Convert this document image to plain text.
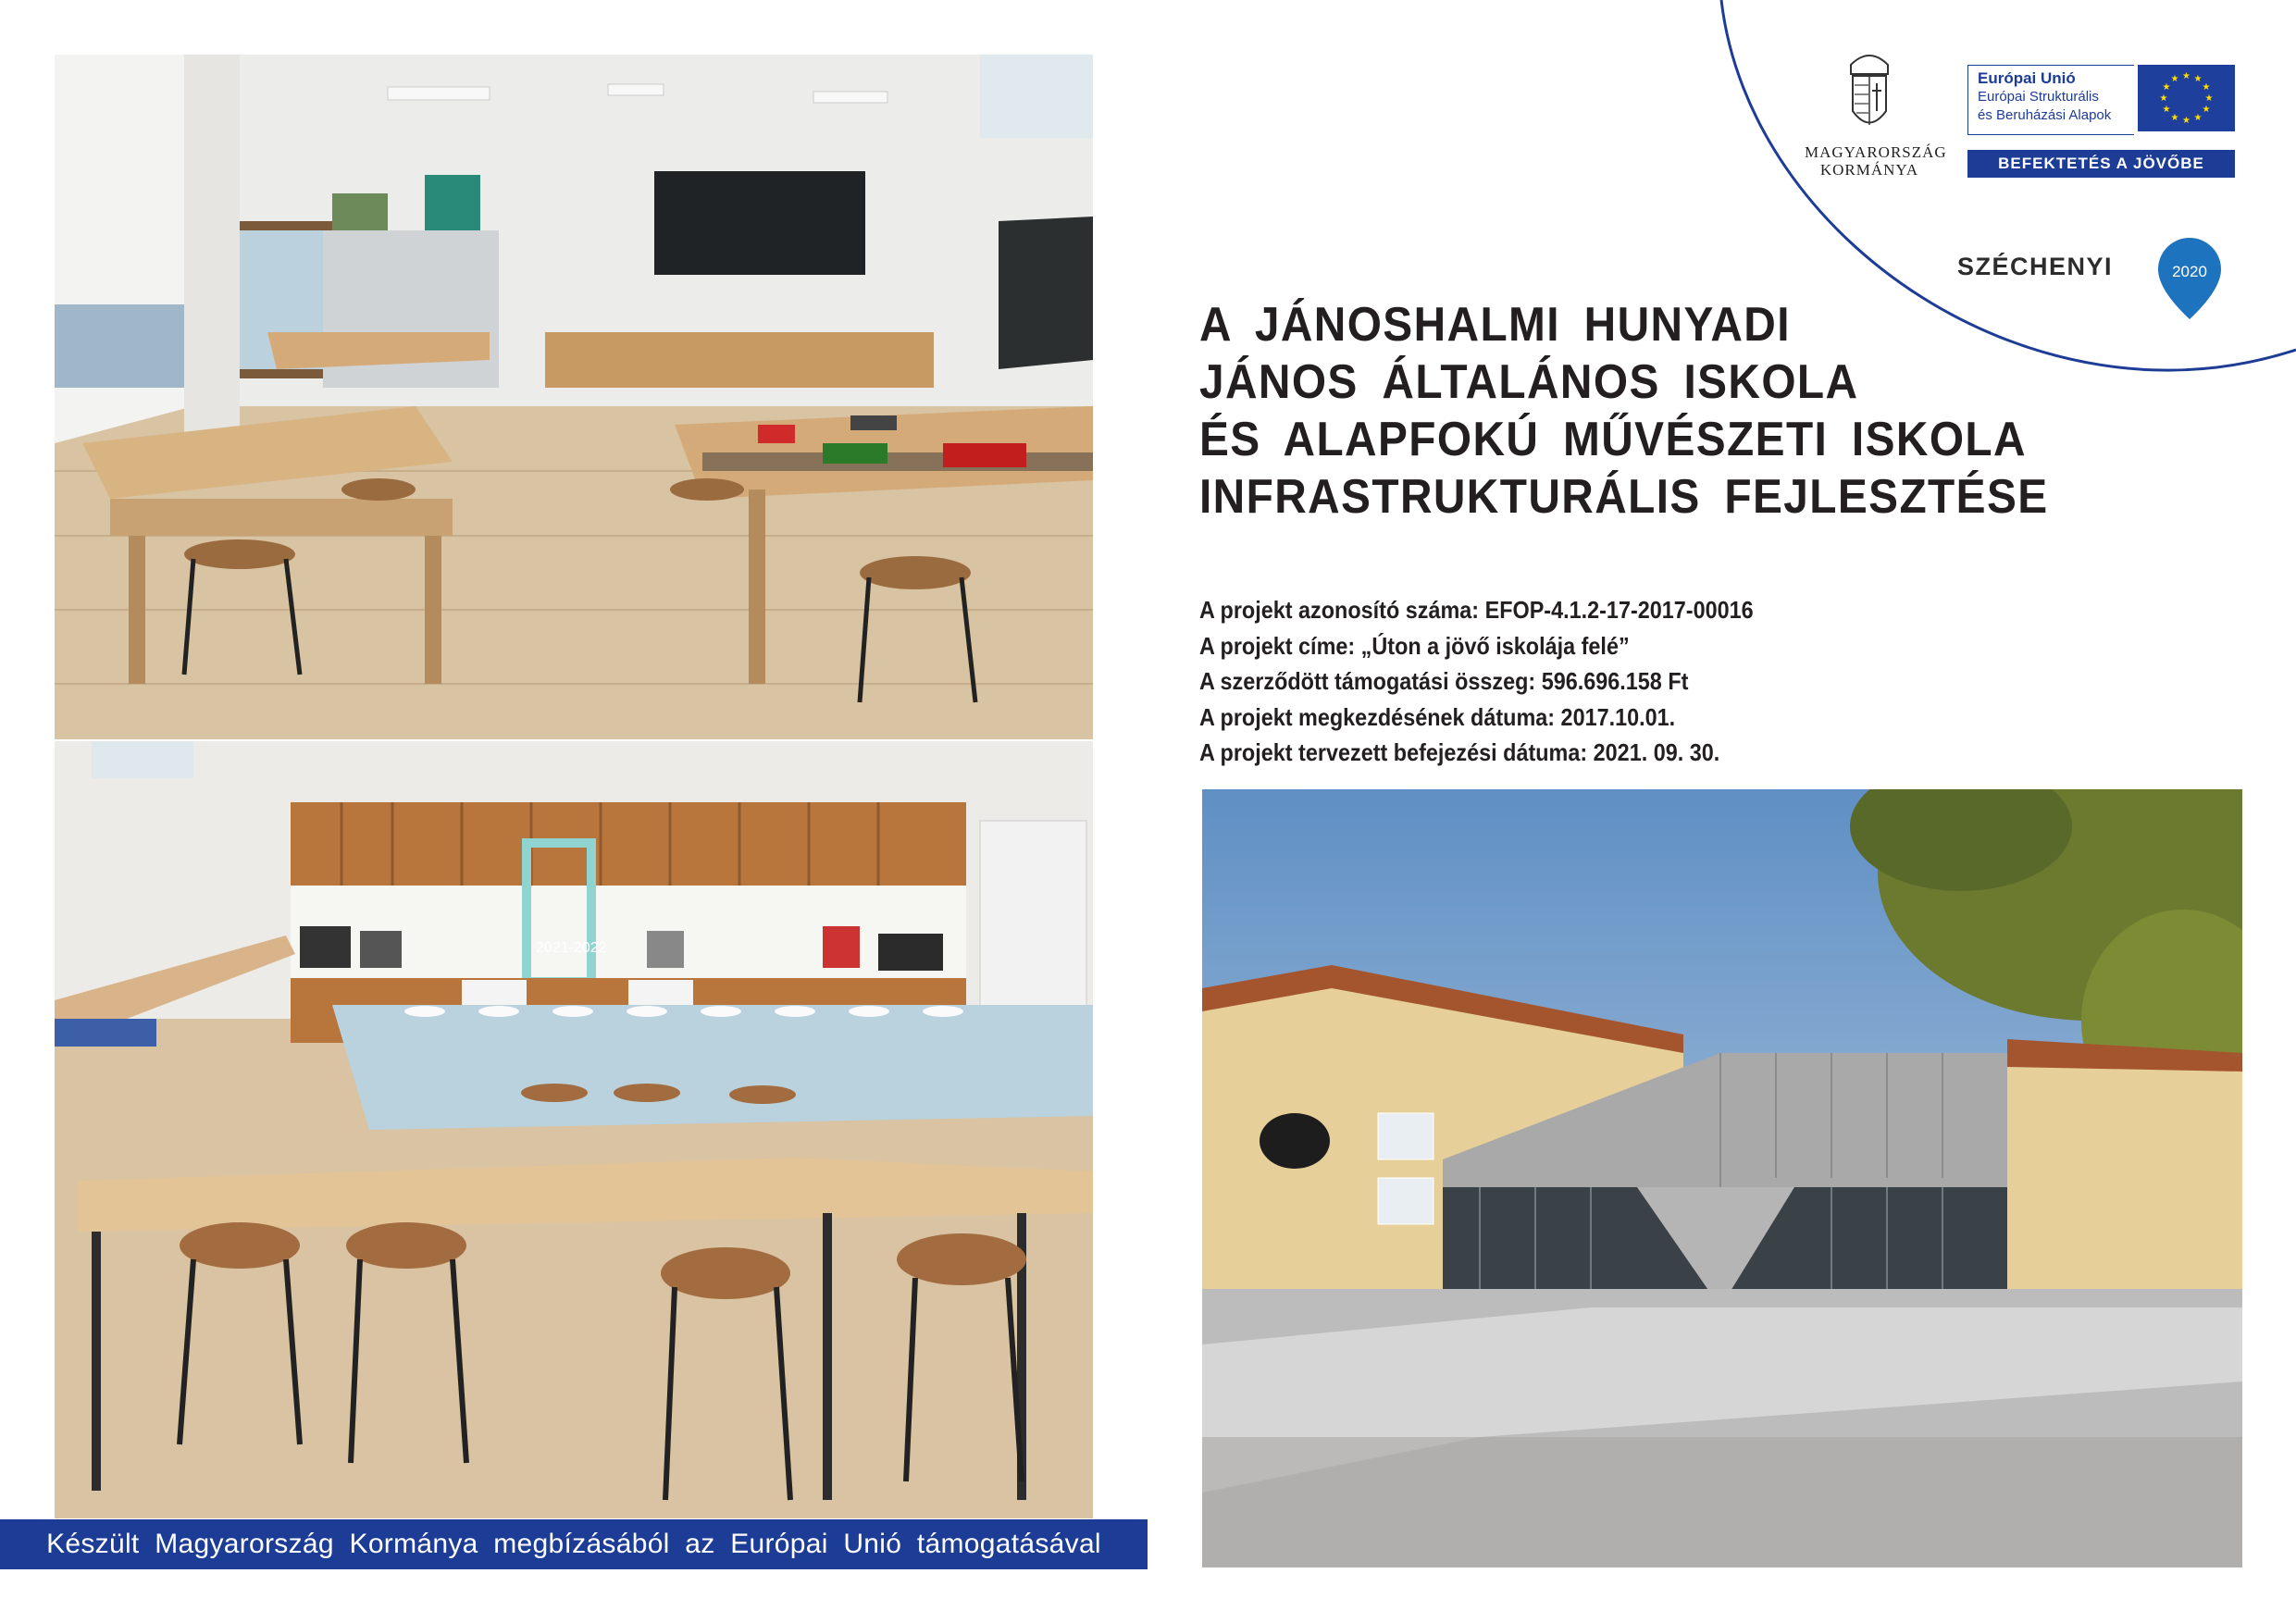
2021-2022
Készült Magyarország Kormánya megbízásából az Európai Unió támogatásával
MAGYARORSZÁG
KORMÁNYA
Európai Unió
Európai Strukturális
és Beruházási Alapok
★ ★
★
★
★
★
★
★
★
★
★
★
BEFEKTETÉS A JÖVŐBE
SZÉCHENYI	2020
A JÁNOSHALMI HUNYADI
JÁNOS ÁLTALÁNOS ISKOLA
ÉS ALAPFOKÚ MŰVÉSZETI ISKOLA
INFRASTRUKTURÁLIS FEJLESZTÉSE
A projekt azonosító száma: EFOP-4.1.2-17-2017-00016
A projekt címe: „Úton a jövő iskolája felé”
A szerződött támogatási összeg: 596.696.158 Ft
A projekt megkezdésének dátuma: 2017.10.01.
A projekt tervezett befejezési dátuma: 2021. 09. 30.
